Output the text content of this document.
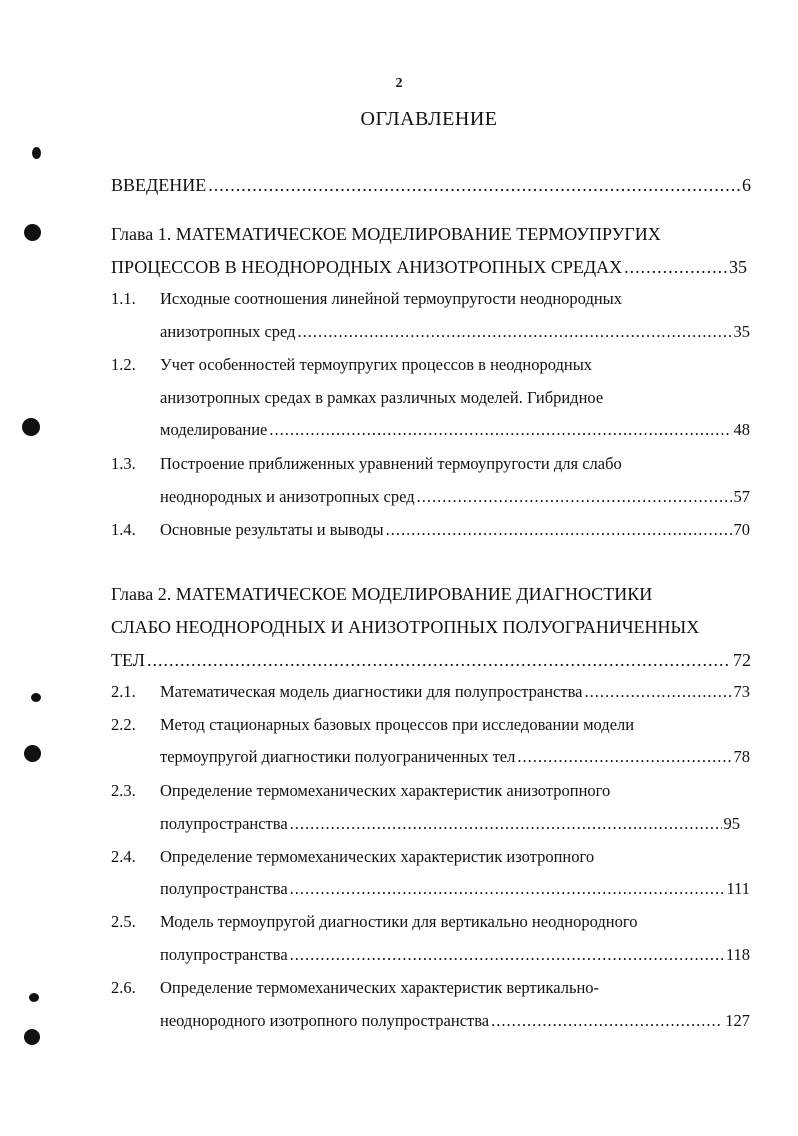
2
ОГЛАВЛЕНИЕ
ВВЕДЕНИЕ .....	6
Глава 1. МАТЕМАТИЧЕСКОЕ МОДЕЛИРОВАНИЕ ТЕРМОУПРУГИХ
ПРОЦЕССОВ В НЕОДНОРОДНЫХ АНИЗОТРОПНЫХ СРЕДАХ .....	35
1.1. Исходные соотношения линейной термоупругости неоднородных
анизотропных сред .....	35
1.2. Учет особенностей термоупругих процессов в неоднородных
анизотропных средах в рамках различных моделей. Гибридное
моделирование .....	48
1.3. Построение приближенных уравнений термоупругости для слабо
неоднородных и анизотропных сред .....	57
1.4. Основные результаты и выводы .....	70
Глава 2. МАТЕМАТИЧЕСКОЕ МОДЕЛИРОВАНИЕ ДИАГНОСТИКИ
СЛАБО НЕОДНОРОДНЫХ И АНИЗОТРОПНЫХ ПОЛУОГРАНИЧЕННЫХ
ТЕЛ .....	72
2.1. Математическая модель диагностики для полупространства .....	73
2.2. Метод стационарных базовых процессов при исследовании модели
термоупругой диагностики полуограниченных тел .....	78
2.3. Определение термомеханических характеристик анизотропного
полупространства .....	95
2.4. Определение термомеханических характеристик изотропного
полупространства .....	111
2.5. Модель термоупругой диагностики для вертикально неоднородного
полупространства .....	118
2.6. Определение термомеханических характеристик вертикально-
неоднородного изотропного полупространства .....	127
